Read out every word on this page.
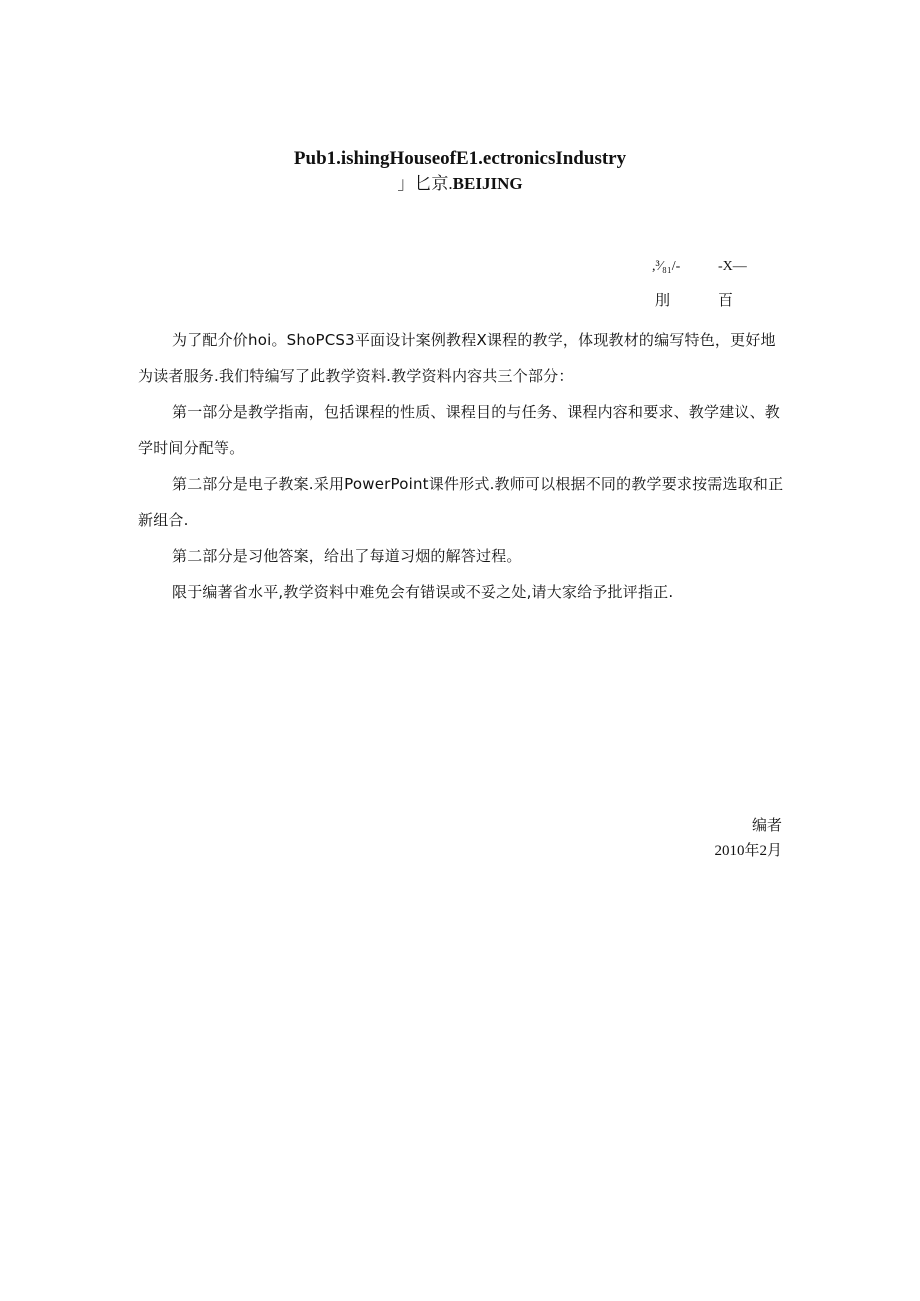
Pub1.ishingHouseofE1.ectronicsIndustry
」匕京.BEIJING
,³⁄₈₁/-	-X—
刖	百

为了配介价hoi。ShoPCS3平面设计案例教程X课程的教学，体现教材的编写特色，更好地为读者服务.我们特编写了此教学资料.教学资料内容共三个部分：

第一部分是教学指南，包括课程的性质、课程目的与任务、课程内容和要求、教学建议、教学时间分配等。

第二部分是电子教案.采用PowerPoint课件形式.教师可以根据不同的教学要求按需选取和正新组合.

第二部分是习他答案，给出了每道习烟的解答过程。

限于编著省水平,教学资料中难免会有错误或不妥之处,请大家给予批评指正.

编者
2010年2月
